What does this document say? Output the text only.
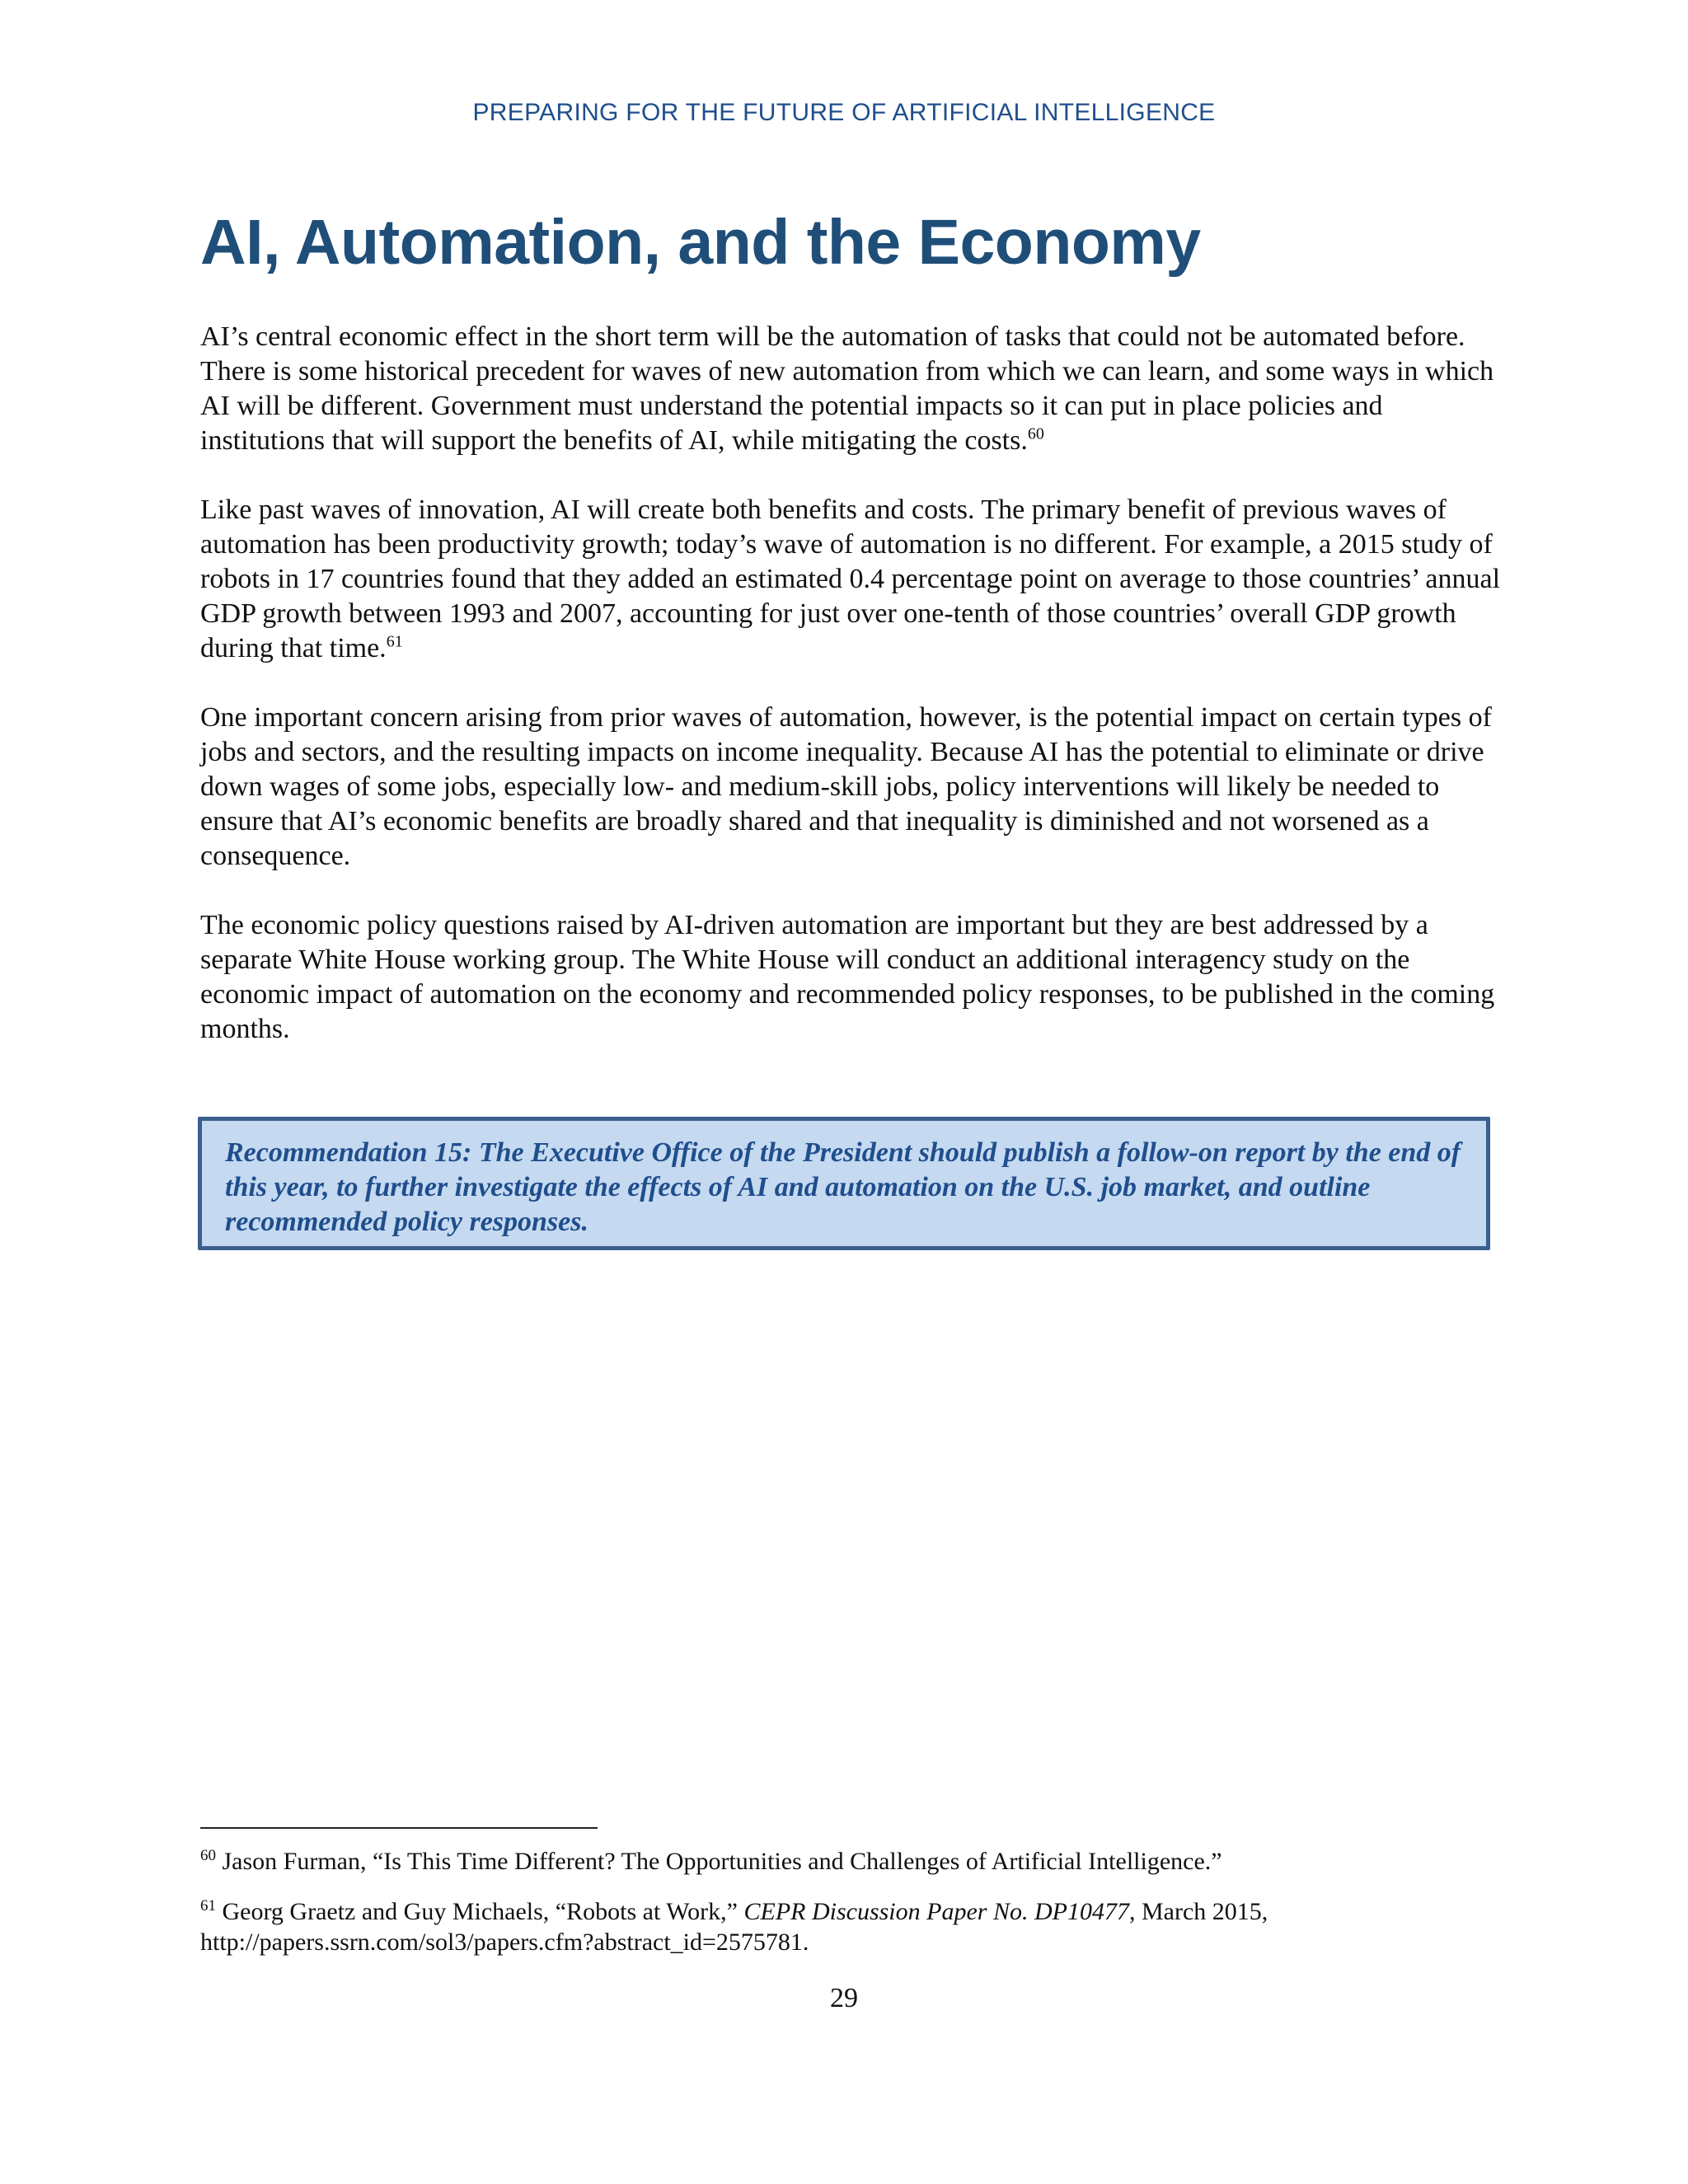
PREPARING FOR THE FUTURE OF ARTIFICIAL INTELLIGENCE
AI, Automation, and the Economy

AI’s central economic effect in the short term will be the automation of tasks that could not be automated before. There is some historical precedent for waves of new automation from which we can learn, and some ways in which AI will be different. Government must understand the potential impacts so it can put in place policies and institutions that will support the benefits of AI, while mitigating the costs.$^{60}$

Like past waves of innovation, AI will create both benefits and costs. The primary benefit of previous waves of automation has been productivity growth; today’s wave of automation is no different. For example, a 2015 study of robots in 17 countries found that they added an estimated 0.4 percentage point on average to those countries’ annual GDP growth between 1993 and 2007, accounting for just over one-tenth of those countries’ overall GDP growth during that time.$^{61}$

One important concern arising from prior waves of automation, however, is the potential impact on certain types of jobs and sectors, and the resulting impacts on income inequality. Because AI has the potential to eliminate or drive down wages of some jobs, especially low- and medium-skill jobs, policy interventions will likely be needed to ensure that AI’s economic benefits are broadly shared and that inequality is diminished and not worsened as a consequence.

The economic policy questions raised by AI-driven automation are important but they are best addressed by a separate White House working group. The White House will conduct an additional interagency study on the economic impact of automation on the economy and recommended policy responses, to be published in the coming months.

Recommendation 15: The Executive Office of the President should publish a follow-on report by the end of this year, to further investigate the effects of AI and automation on the U.S. job market, and outline recommended policy responses.

$^{60}$ Jason Furman, “Is This Time Different? The Opportunities and Challenges of Artificial Intelligence.”

$^{61}$ Georg Graetz and Guy Michaels, “Robots at Work,” CEPR Discussion Paper No. DP10477, March 2015, http://papers.ssrn.com/sol3/papers.cfm?abstract_id=2575781.

29
